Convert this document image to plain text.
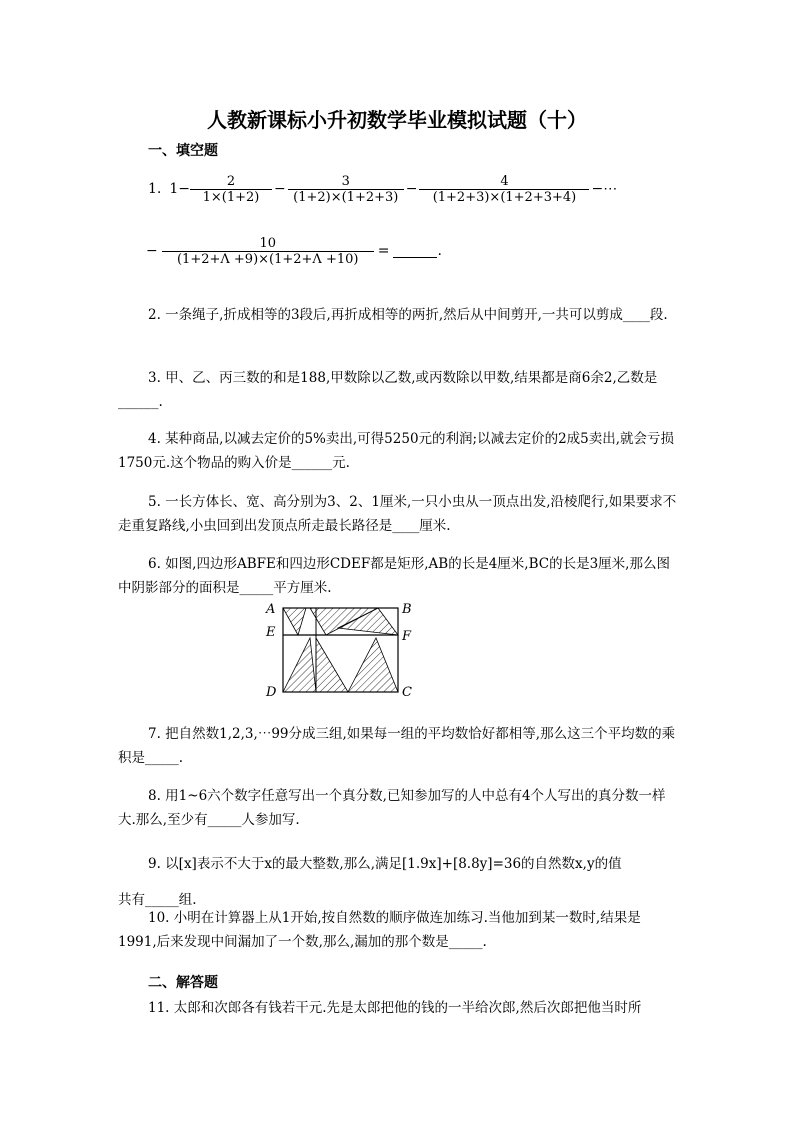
人教新课标小升初数学毕业模拟试题（十）
一、填空题
1. $1- \frac{2}{1\times(1+2)} - \frac{3}{(1+2)\times(1+2+3)} - \frac{4}{(1+2+3)\times(1+2+3+4)}$ −⋯
− $\frac{10}{(1+2+\Lambda +9)\times(1+2+\Lambda +10)}$ =	.
2. 一条绳子,折成相等的3段后,再折成相等的两折,然后从中间剪开,一共可以剪成____段.
3. 甲、乙、丙三数的和是188,甲数除以乙数,或丙数除以甲数,结果都是商6余2,乙数是______.
4. 某种商品,以减去定价的5%卖出,可得5250元的利润;以减去定价的2成5卖出,就会亏损1750元.这个物品的购入价是______元.
5. 一长方体长、宽、高分别为3、2、1厘米,一只小虫从一顶点出发,沿棱爬行,如果要求不走重复路线,小虫回到出发顶点所走最长路径是____厘米.
6. 如图,四边形ABFE和四边形CDEF都是矩形,AB的长是4厘米,BC的长是3厘米,那么图中阴影部分的面积是_____平方厘米.
A	B
E	F
D	C
7. 把自然数1,2,3,⋯99分成三组,如果每一组的平均数恰好都相等,那么这三个平均数的乘积是_____.
8. 用1~6六个数字任意写出一个真分数,已知参加写的人中总有4个人写出的真分数一样大.那么,至少有_____人参加写.
9. 以[x]表示不大于x的最大整数,那么,满足[1.9x]+[8.8y]=36的自然数x,y的值
共有_____组.
10. 小明在计算器上从1开始,按自然数的顺序做连加练习.当他加到某一数时,结果是1991,后来发现中间漏加了一个数,那么,漏加的那个数是_____.
二、解答题
11. 太郎和次郎各有钱若干元.先是太郎把他的钱的一半给次郎,然后次郎把他当时所
